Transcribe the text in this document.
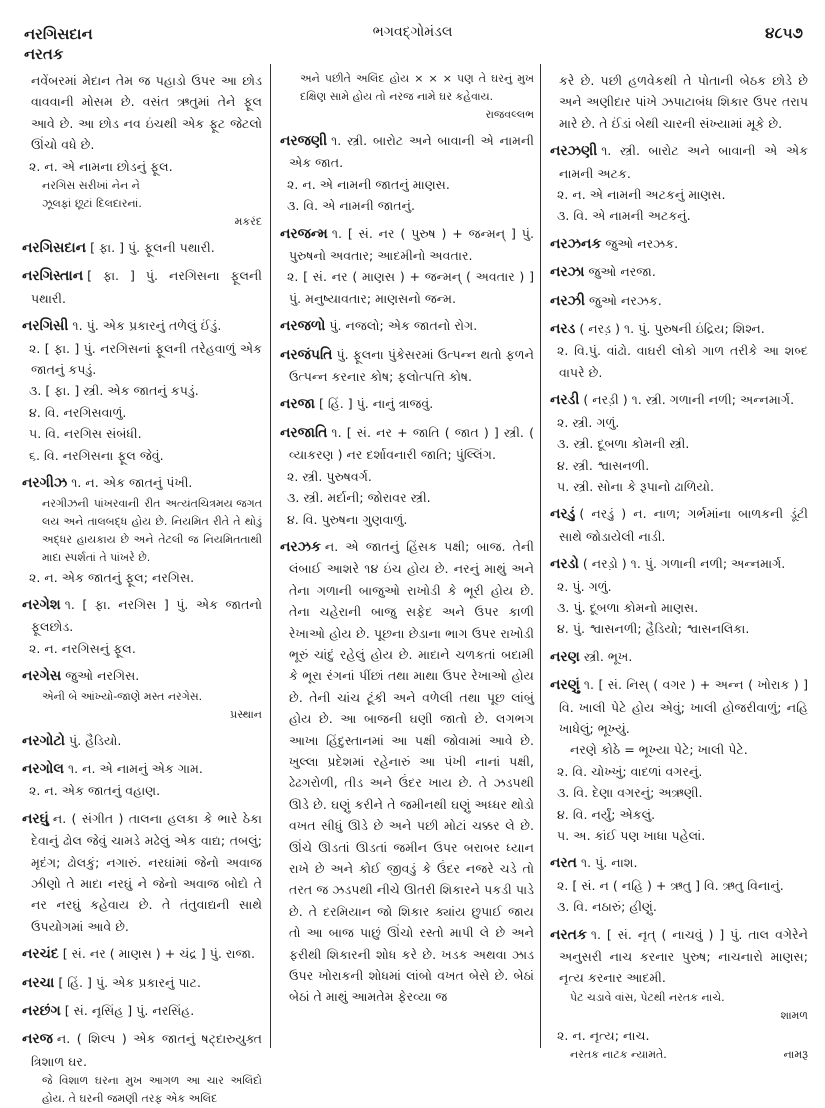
નરગિસદાન
નરતક
ભગવદ્ગોમંડલ	૪૮૫૭
નવેંબરમાં મેદાન તેમ જ પહાડો ઉપર આ છોડ વાવવાની મોસમ છે. વસંત ઋતુમાં તેને ફૂલ આવે છે. આ છોડ નવ ઇંચથી એક ફૂટ જેટલો ઊંચો વધે છે.
૨. ન. એ નામના છોડનું ફૂલ.
નરગિસ સરીખાં નેન ને
ઝૂલફાં છૂટાં દિલદારનાં.
મકરંદ
નરગિસદાન [ ફા. ] પું. ફૂલની પથારી.
નરગિસ્તાન [ ફા. ] પું. નરગિસના ફૂલની પથારી.
નરગિસી ૧. પું. એક પ્રકારનું તળેલું ઈંડું.
૨. [ ફા. ] પું. નરગિસનાં ફૂલની તરેહવાળું એક જાતનું કપડું.
૩. [ ફા. ] સ્ત્રી. એક જાતનું કપડું.
૪. વિ. નરગિસવાળું.
૫. વિ. નરગિસ સંબંધી.
૬. વિ. નરગિસના ફૂલ જેવું.
નરગીઝ ૧. ન. એક જાતનું પંખી.
ચિત્રમય જગત
નરગીઝની પાંખરવાની રીત અત્યંત લય અને તાલબદ્ધ હોય છે. નિયમિત રીતે તે થોડું અદ્ધર હાયકાય છે અને તેટલી જ નિયમિતતાથી માદા સ્પર્શતાં તે પાંખરે છે.
૨. ન. એક જાતનું ફૂલ; નરગિસ.
નરગેશ ૧. [ ફા. નરગિસ ] પું. એક જાતનો ફૂલછોડ.
૨. ન. નરગિસનું ફૂલ.
નરગેસ જુઓ નરગિસ.
એની બે આંખ્યો-જાણે મસ્ત નરગેસ.
પ્રસ્થાન
નરગોટો પું. હૈડિયો.
નરગોલ ૧. ન. એ નામનું એક ગામ.
૨. ન. એક જાતનું વહાણ.
નરઘું ન. ( સંગીત ) તાલના હલકા કે ભારે ઠેકા દેવાનું ઢોલ જેવું ચામડે મઢેલું એક વાદ્ય; તબલું; મૃદંગ; ઢોલકું; નગારું. નરઘાંમાં જેનો અવાજ ઝીણો તે માદા નરઘું ને જેનો અવાજ બોદો તે નર નરઘું કહેવાય છે. તે તંતુવાદ્યની સાથે ઉપયોગમાં આવે છે.
નરચંદ [ સં. નર ( માણસ ) + ચંદ્ર ] પું. રાજા.
નરચા [ હિં. ] પું. એક પ્રકારનું પાટ.
નરછંગ [ સં. નૃસિંહ ] પું. નરસિંહ.
નરજ ન. ( શિલ્પ ) એક જાતનું ષટ્દારુયુક્ત ત્રિશાળ ઘર.
જે વિશાળ ઘરના મુખ આગળ આ ચાર અલિંદો હોય. તે ઘરની જમણી તરફ એક અલિંદ
અને પછીતે અલિંદ હોય × × × પણ તે ઘરનું મુખ દક્ષિણ સામે હોય તો નરજ નામે ઘર કહેવાય.
રાજવલ્લભ
નરજણી ૧. સ્ત્રી. બારોટ અને બાવાની એ નામની એક જાત.
૨. ન. એ નામની જાતનું માણસ.
૩. વિ. એ નામની જાતનું.
નરજન્મ ૧. [ સં. નર ( પુરુષ ) + જન્મન્ ] પું. પુરુષનો અવતાર; આદમીનો અવતાર.
૨. [ સં. નર ( માણસ ) + જન્મન્ ( અવતાર ) ] પું. મનુષ્યાવતાર; માણસનો જન્મ.
નરજળો પું. નજલો; એક જાતનો રોગ.
નરજંપતિ પું. ફૂલના પુંકેસરમાં ઉત્પન્ન થતો ફળને ઉત્પન્ન કરનાર કોષ; ફલોત્પત્તિ કોષ.
નરજા [ હિં. ] પું. નાનું ત્રાજવું.
નરજાતિ ૧. [ સં. નર + જાતિ ( જાત ) ] સ્ત્રી. ( વ્યાકરણ ) નર દર્શાવનારી જાતિ; પુંલ્લિંગ.
૨. સ્ત્રી. પુરુષવર્ગ.
૩. સ્ત્રી. મર્દાની; જોરાવર સ્ત્રી.
૪. વિ. પુરુષના ગુણવાળું.
નરઝક ન. એ જાતનું હિંસક પક્ષી; બાજ. તેની લંબાઈ આશરે ૧૪ ઇંચ હોય છે. નરનું માથું અને તેના ગળાની બાજુઓ રાખોડી કે ભૂરી હોય છે. તેના ચહેરાની બાજુ સફેદ અને ઉપર કાળી રેખાઓ હોય છે. પૂછના છેડાના ભાગ ઉપર રાખોડી ભૂરું ચાંદું રહેલું હોય છે. માદાને ચળકતાં બદામી કે ભૂરા રંગનાં પીંછાં તથા માથા ઉપર રેખાઓ હોય છે. તેની ચાંચ ટૂંકી અને વળેલી તથા પૂછ લાંબું હોય છે. આ બાજની ઘણી જાતો છે. લગભગ આખા હિંદુસ્તાનમાં આ પક્ષી જોવામાં આવે છે. ખુલ્લા પ્રદેશમાં રહેનારું આ પંખી નાનાં પક્ષી, ઢેઢગરોળી, તીડ અને ઉંદર ખાય છે. તે ઝડપથી ઊડે છે. ઘણું કરીને તે જમીનથી ઘણું અધ્ધર થોડો વખત સીધું ઊડે છે અને પછી મોટાં ચક્કર લે છે. ઊંચે ઊડતાં ઊડતાં જમીન ઉપર બરાબર ધ્યાન રાખે છે અને કોઈ જીવડું કે ઉંદર નજરે ચડે તો તરત જ ઝડપથી નીચે ઊતરી શિકારને પકડી પાડે છે. તે દરમિયાન જો શિકાર ક્યાંય છુપાઈ જાય તો આ બાજ પાછું ઊંચો રસ્તો માપી લે છે અને ફરીથી શિકારની શોધ કરે છે. ખડક અથવા ઝાડ ઉપર ખોરાકની શોધમાં લાંબો વખત બેસે છે. બેઠાં બેઠાં તે માથું આમતેમ ફેરવ્યા જ
કરે છે. પછી હળવેકથી તે પોતાની બેઠક છોડે છે અને અણીદાર પાંખે ઝપાટાબંધ શિકાર ઉપર તરાપ મારે છે. તે ઈંડાં બેથી ચારની સંખ્યામાં મૂકે છે.
નરઝણી ૧. સ્ત્રી. બારોટ અને બાવાની એ એક નામની અટક.
૨. ન. એ નામની અટકનું માણસ.
૩. વિ. એ નામની અટકનું.
નરઝનક જુઓ નરઝક.
નરઝા જુઓ નરજા.
નરઝી જુઓ નરઝક.
નરડ ( નરડ઼ ) ૧. પું. પુરુષની ઇંદ્રિય; શિશ્ન.
૨. વિ.પું. વાંઢો. વાઘરી લોકો ગાળ તરીકે આ શબ્દ વાપરે છે.
નરડી ( નરડ઼ી ) ૧. સ્ત્રી. ગળાની નળી; અન્નમાર્ગ.
૨. સ્ત્રી. ગળું.
૩. સ્ત્રી. દૂબળા કોમની સ્ત્રી.
૪. સ્ત્રી. શ્વાસનળી.
૫. સ્ત્રી. સોના કે રૂપાનો ઢાળિયો.
નરડું ( નરડ઼ું ) ન. નાળ; ગર્ભમાંના બાળકની ડૂંટી સાથે જોડાયેલી નાડી.
નરડો ( નરડ઼ો ) ૧. પું. ગળાની નળી; અન્નમાર્ગ.
૨. પું. ગળું.
૩. પું. દૂબળા કોમનો માણસ.
૪. પું. શ્વાસનળી; હૈડિયો; શ્વાસનલિકા.
નરણ સ્ત્રી. ભૂખ.
નરણું ૧. [ સં. નિસ્ ( વગર ) + અન્ન ( ખોરાક ) ] વિ. ખાલી પેટે હોય એવું; ખાલી હોજરીવાળું; નહિ ખાધેલું; ભૂખ્યું.
નરણે કોઠે = ભૂખ્યા પેટે; ખાલી પેટે.
૨. વિ. ચોખ્ખું; વાદળાં વગરનું.
૩. વિ. દેણા વગરનું; અઋણી.
૪. વિ. નર્યું; એકલું.
૫. અ. કાંઈ પણ ખાધા પહેલાં.
નરત ૧. પું. નાશ.
૨. [ સં. ન ( નહિ ) + ઋતુ ] વિ. ઋતુ વિનાનું.
૩. વિ. નઠારું; હીણું.
નરતક ૧. [ સં. નૃત્ ( નાચવું ) ] પું. તાલ વગેરેને અનુસરી નાચ કરનાર પુરુષ; નાચનારો માણસ; નૃત્ય કરનાર આદમી.
પેટ ચડાવે વાંસ, પેટથી નરતક નાચે.
શામળ
૨. ન. નૃત્ય; નાચ.
નામરૂ
નરતક નાટક ન્યામતે.
